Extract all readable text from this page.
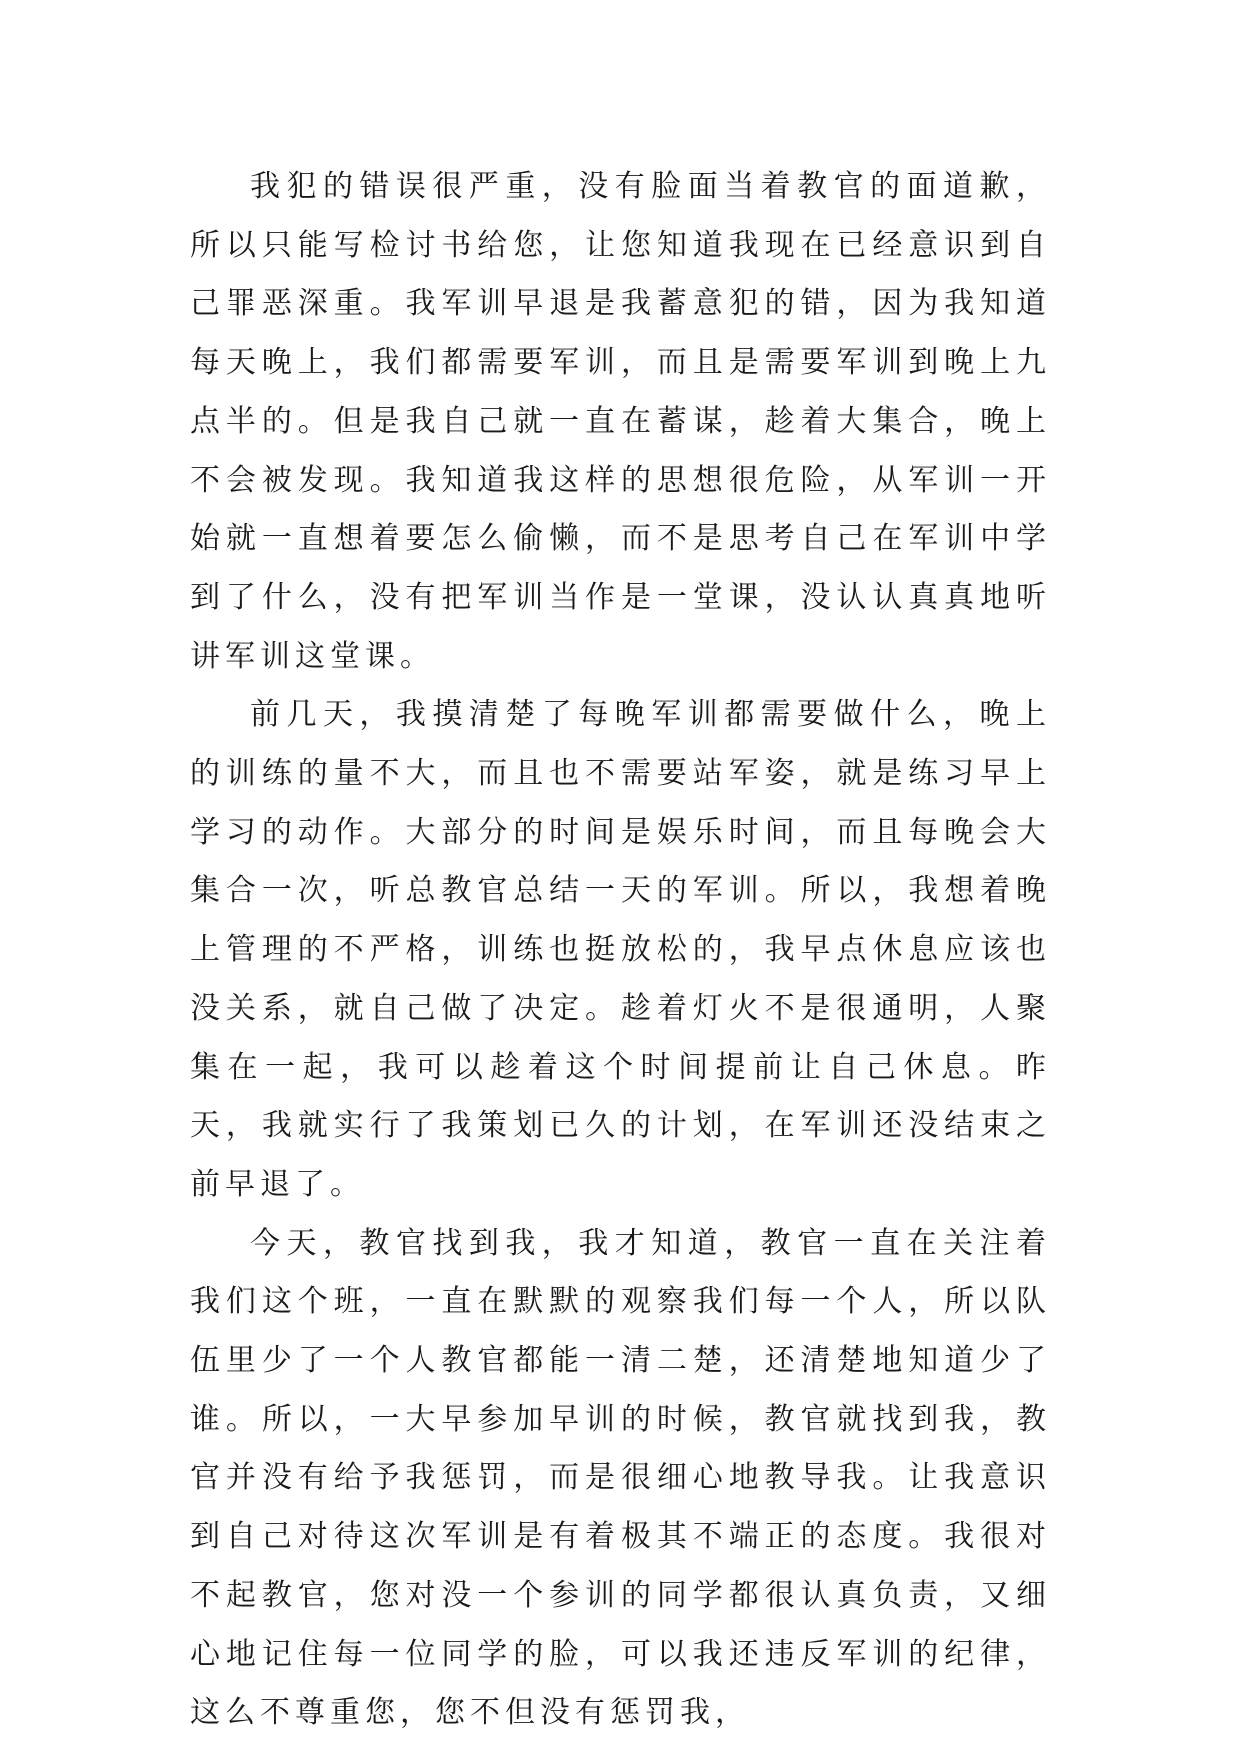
我犯的错误很严重，没有脸面当着教官的面道歉，所以只能写检讨书给您，让您知道我现在已经意识到自己罪恶深重。我军训早退是我蓄意犯的错，因为我知道每天晚上，我们都需要军训，而且是需要军训到晚上九点半的。但是我自己就一直在蓄谋，趁着大集合，晚上不会被发现。我知道我这样的思想很危险，从军训一开始就一直想着要怎么偷懒，而不是思考自己在军训中学到了什么，没有把军训当作是一堂课，没认认真真地听讲军训这堂课。

前几天，我摸清楚了每晚军训都需要做什么，晚上的训练的量不大，而且也不需要站军姿，就是练习早上学习的动作。大部分的时间是娱乐时间，而且每晚会大集合一次，听总教官总结一天的军训。所以，我想着晚上管理的不严格，训练也挺放松的，我早点休息应该也没关系，就自己做了决定。趁着灯火不是很通明，人聚集在一起，我可以趁着这个时间提前让自己休息。昨天，我就实行了我策划已久的计划，在军训还没结束之前早退了。

今天，教官找到我，我才知道，教官一直在关注着我们这个班，一直在默默的观察我们每一个人，所以队伍里少了一个人教官都能一清二楚，还清楚地知道少了谁。所以，一大早参加早训的时候，教官就找到我，教官并没有给予我惩罚，而是很细心地教导我。让我意识到自己对待这次军训是有着极其不端正的态度。我很对不起教官，您对没一个参训的同学都很认真负责，又细心地记住每一位同学的脸，可以我还违反军训的纪律，这么不尊重您，您不但没有惩罚我，
